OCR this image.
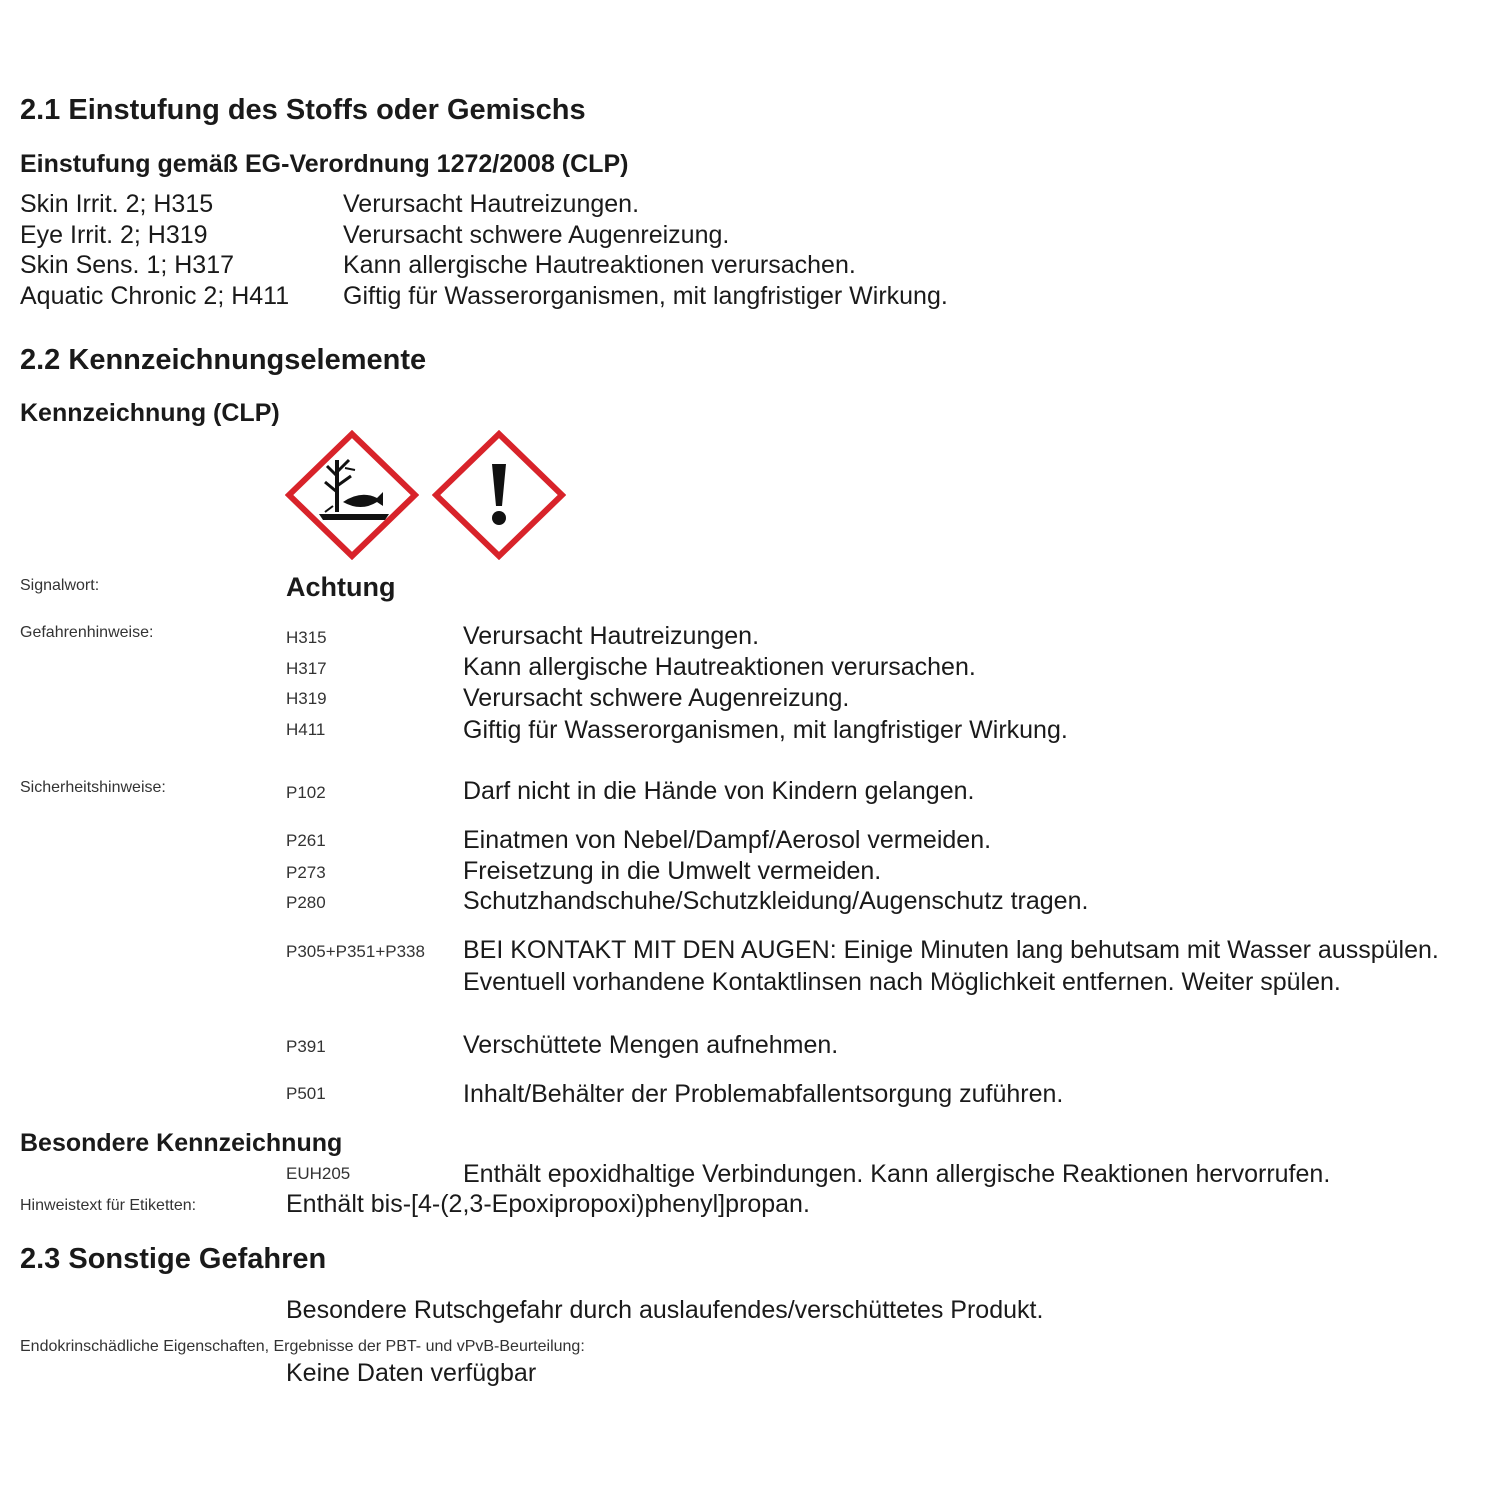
2.1 Einstufung des Stoffs oder Gemischs
Einstufung gemäß EG-Verordnung 1272/2008 (CLP)
Skin Irrit. 2; H315	Verursacht Hautreizungen.
Eye Irrit. 2; H319	Verursacht schwere Augenreizung.
Skin Sens. 1; H317	Kann allergische Hautreaktionen verursachen.
Aquatic Chronic 2; H411 Giftig für Wasserorganismen, mit langfristiger Wirkung.
2.2 Kennzeichnungselemente
Kennzeichnung (CLP)
Signalwort:	Achtung
Gefahrenhinweise:	H315	Verursacht Hautreizungen.
H317	Kann allergische Hautreaktionen verursachen.
H319	Verursacht schwere Augenreizung.
H411	Giftig für Wasserorganismen, mit langfristiger Wirkung.
Sicherheitshinweise:	P102	Darf nicht in die Hände von Kindern gelangen.
P261	Einatmen von Nebel/Dampf/Aerosol vermeiden.
P273	Freisetzung in die Umwelt vermeiden.
P280	Schutzhandschuhe/Schutzkleidung/Augenschutz tragen.
P305+P351+P338 BEI KONTAKT MIT DEN AUGEN: Einige Minuten lang behutsam mit Wasser ausspülen. Eventuell vorhandene Kontaktlinsen nach Möglichkeit entfernen. Weiter spülen.
P391	Verschüttete Mengen aufnehmen.
P501	Inhalt/Behälter der Problemabfallentsorgung zuführen.
Besondere Kennzeichnung
EUH205	Enthält epoxidhaltige Verbindungen. Kann allergische Reaktionen hervorrufen.
Hinweistext für Etiketten:	Enthält bis-[4-(2,3-Epoxipropoxi)phenyl]propan.
2.3 Sonstige Gefahren
Besondere Rutschgefahr durch auslaufendes/verschüttetes Produkt.
Endokrinschädliche Eigenschaften, Ergebnisse der PBT- und vPvB-Beurteilung:
Keine Daten verfügbar
